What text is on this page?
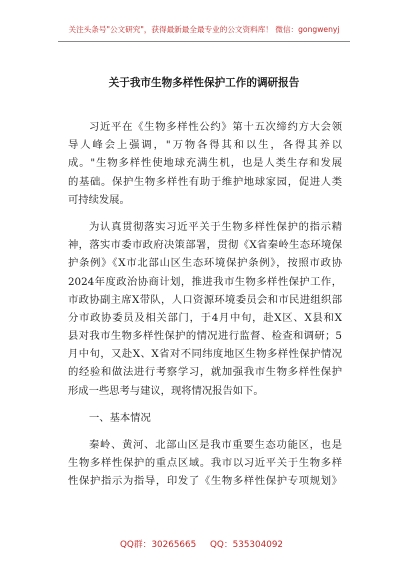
关注头条号"公文研究"，获得最新最全最专业的公文资料库！ 微信：gongwenyj
关于我市生物多样性保护工作的调研报告
习近平在《生物多样性公约》第十五次缔约方大会领
导人峰会上强调，"万物各得其和以生，各得其养以
成。"生物多样性使地球充满生机，也是人类生存和发展
的基础。保护生物多样性有助于维护地球家园，促进人类
可持续发展。
为认真贯彻落实习近平关于生物多样性保护的指示精
神，落实市委市政府决策部署，贯彻《X省秦岭生态环境保
护条例》《X市北部山区生态环境保护条例》，按照市政协
2024年度政治协商计划，推进我市生物多样性保护工作，
市政协副主席X带队，人口资源环境委员会和市民进组织部
分市政协委员及相关部门，于4月中旬，赴X区、X县和X
县对我市生物多样性保护的情况进行监督、检查和调研；5
月中旬，又赴X、X省对不同纬度地区生物多样性保护情况
的经验和做法进行考察学习，就加强我市生物多样性保护
形成一些思考与建议，现将情况报告如下。
一、基本情况
秦岭、黄河、北部山区是我市重要生态功能区，也是
生物多样性保护的重点区域。我市以习近平关于生物多样
性保护指示为指导，印发了《生物多样性保护专项规划》
QQ群：30265665 QQ：535304092
